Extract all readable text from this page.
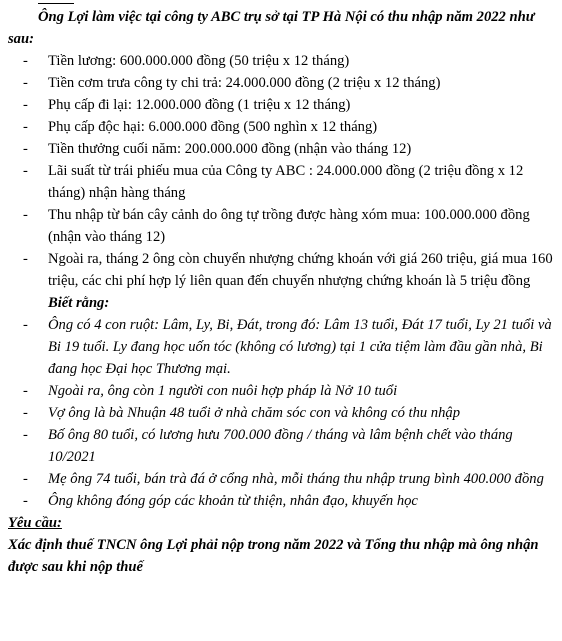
Ông Lợi làm việc tại công ty ABC trụ sở tại TP Hà Nội có thu nhập năm 2022 như sau:

- Tiền lương: 600.000.000 đồng (50 triệu x 12 tháng)
- Tiền cơm trưa công ty chi trả: 24.000.000 đồng (2 triệu x 12 tháng)
- Phụ cấp đi lại: 12.000.000 đồng (1 triệu x 12 tháng)
- Phụ cấp độc hại: 6.000.000 đồng (500 nghìn x 12 tháng)
- Tiền thưởng cuối năm: 200.000.000 đồng (nhận vào tháng 12)
- Lãi suất từ trái phiếu mua của Công ty ABC : 24.000.000 đồng (2 triệu đồng x 12 tháng) nhận hàng tháng
- Thu nhập từ bán cây cảnh do ông tự trồng được hàng xóm mua: 100.000.000 đồng (nhận vào tháng 12)
- Ngoài ra, tháng 2 ông còn chuyển nhượng chứng khoán với giá 260 triệu, giá mua 160 triệu, các chi phí hợp lý liên quan đến chuyển nhượng chứng khoán là 5 triệu đồng

Biết rằng:

- Ông có 4 con ruột: Lâm, Ly, Bi, Đát, trong đó: Lâm 13 tuổi, Đát 17 tuổi, Ly 21 tuổi và Bi 19 tuổi. Ly đang học uốn tóc (không có lương) tại 1 cửa tiệm làm đầu gần nhà, Bi đang học Đại học Thương mại.
- Ngoài ra, ông còn 1 người con nuôi hợp pháp là Nở 10 tuổi
- Vợ ông là bà Nhuận 48 tuổi ở nhà chăm sóc con và không có thu nhập
- Bố ông 80 tuổi, có lương hưu 700.000 đồng / tháng và lâm bệnh chết vào tháng 10/2021
- Mẹ ông 74 tuổi, bán trà đá ở cổng nhà, mỗi tháng thu nhập trung bình 400.000 đồng
- Ông không đóng góp các khoản từ thiện, nhân đạo, khuyến học

Yêu cầu:

Xác định thuế TNCN ông Lợi phải nộp trong năm 2022 và Tổng thu nhập mà ông nhận được sau khi nộp thuế
